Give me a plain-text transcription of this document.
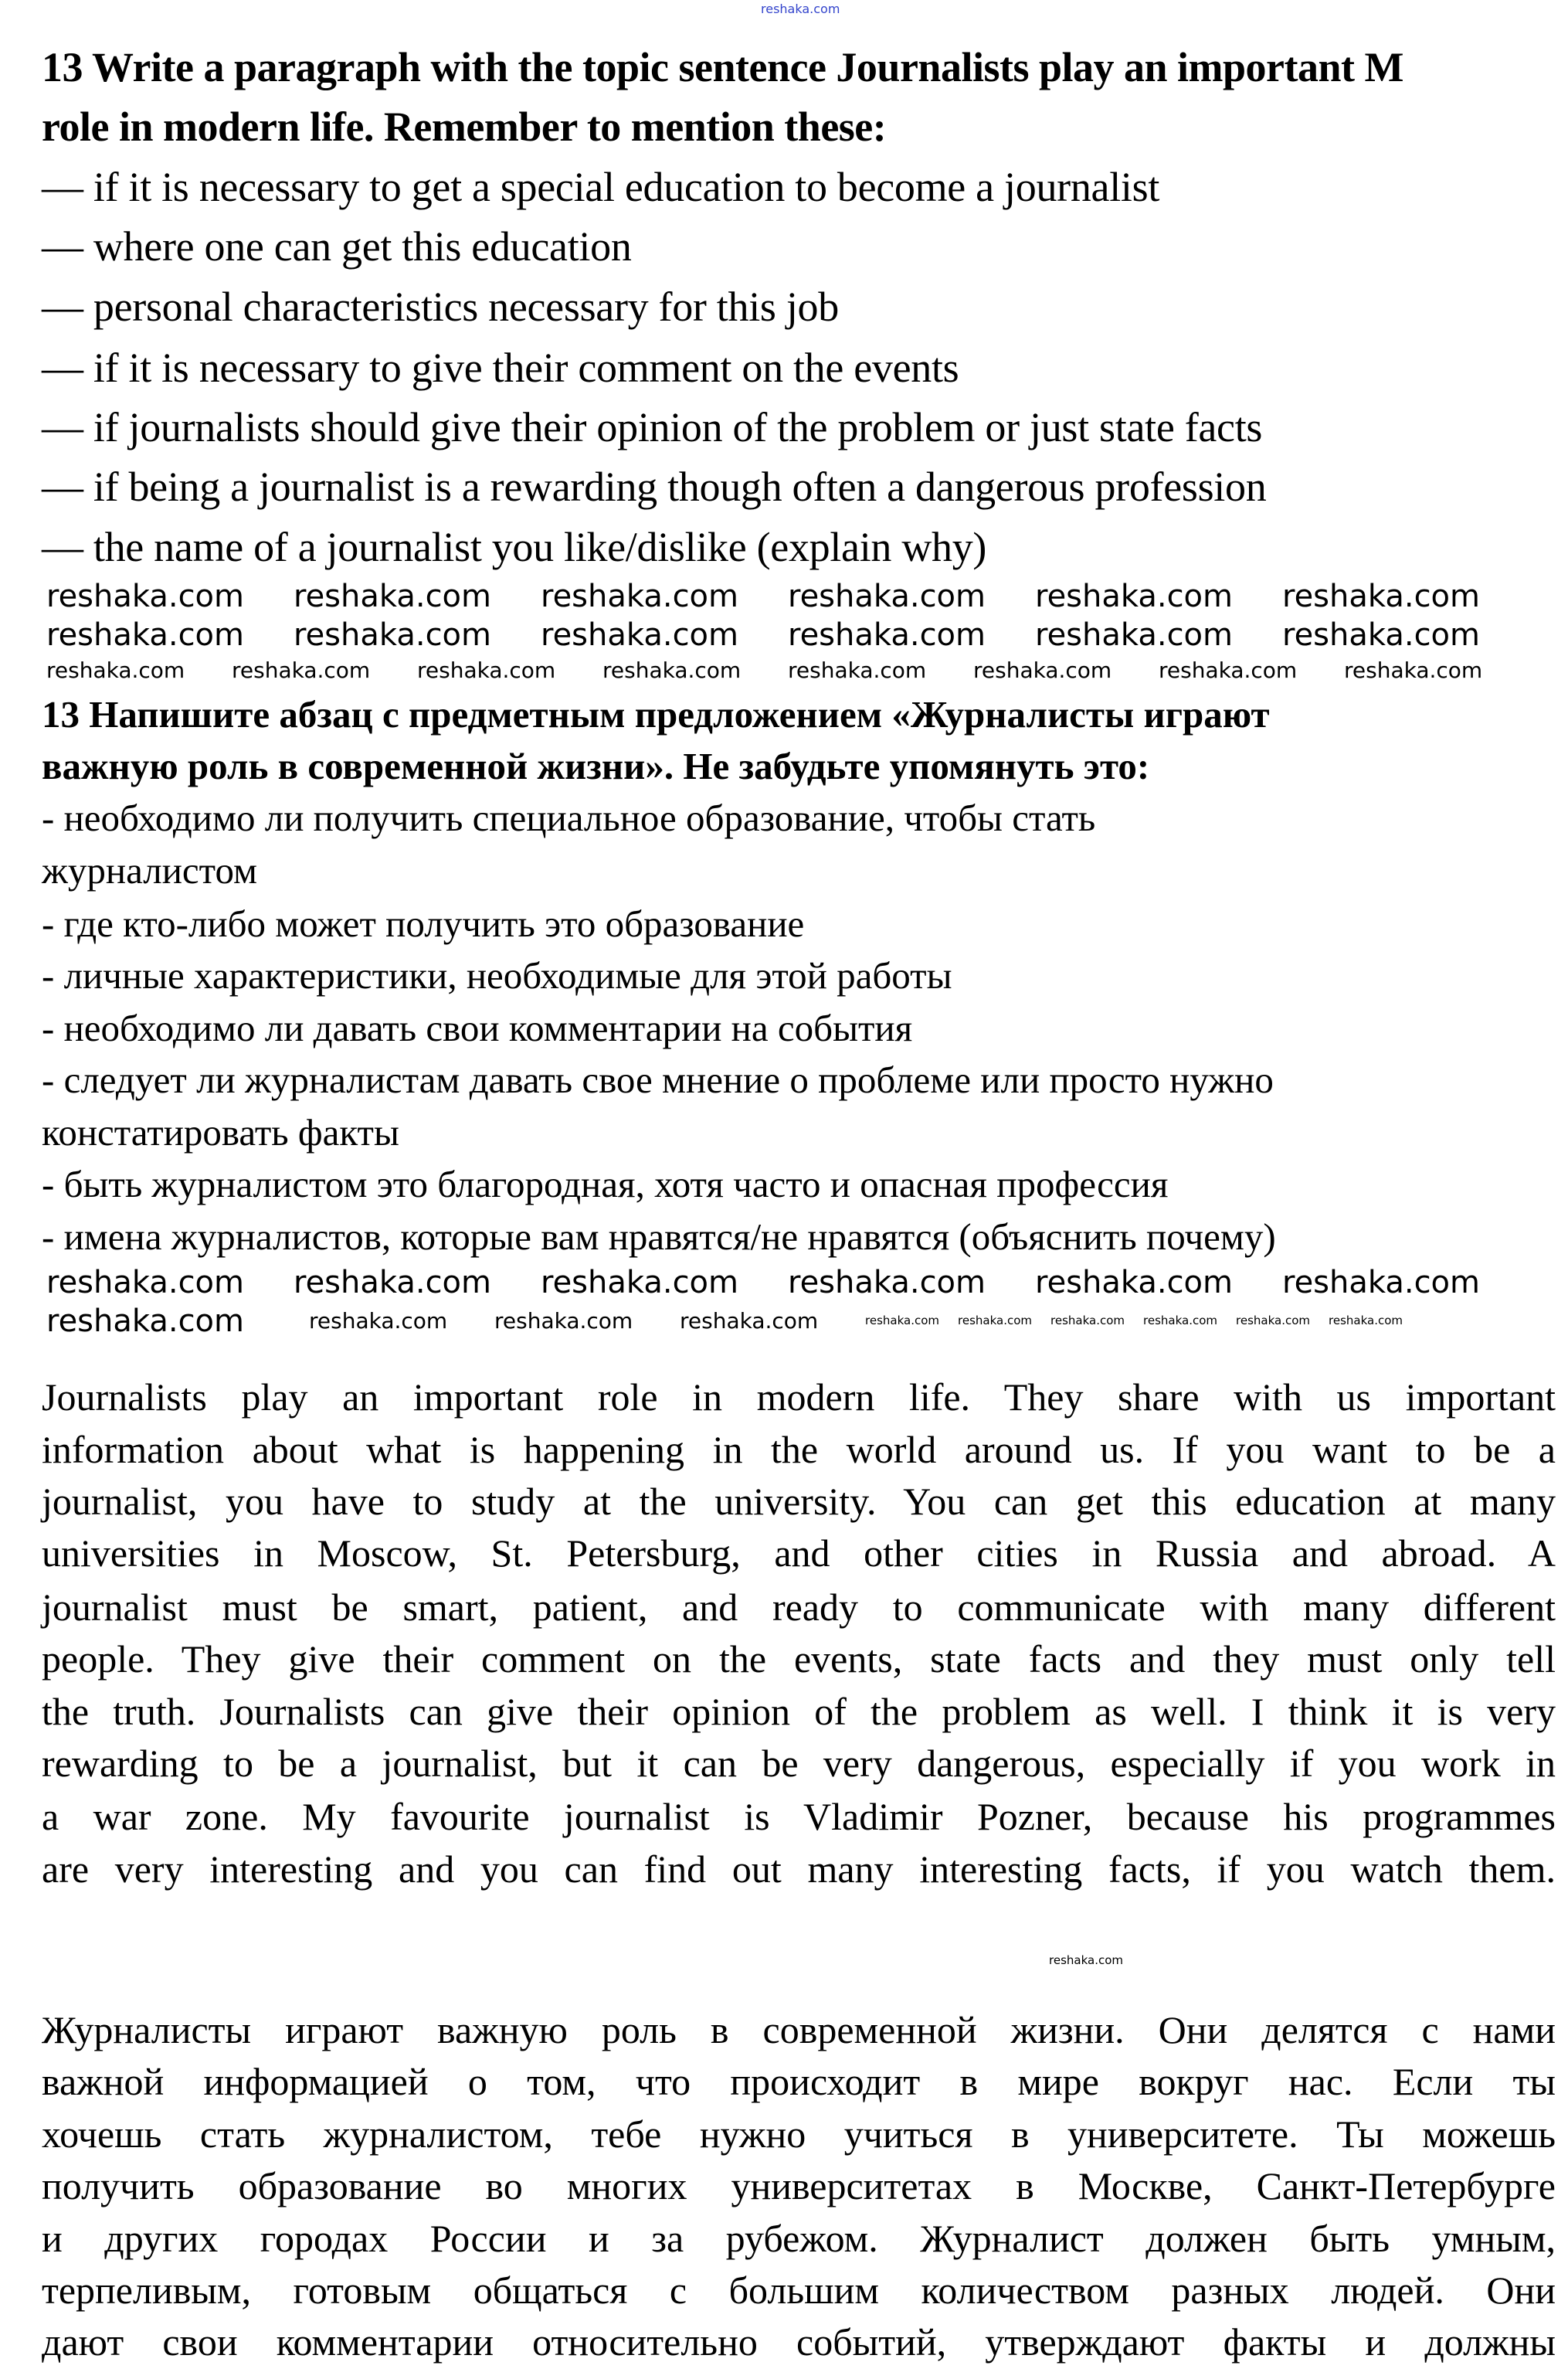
reshaka.com
13 Write a paragraph with the topic sentence Journalists play an important M
role in modern life. Remember to mention these:
— if it is necessary to get a special education to become a journalist
— where one can get this education
— personal characteristics necessary for this job
— if it is necessary to give their comment on the events
— if journalists should give their opinion of the problem or just state facts
— if being a journalist is a rewarding though often a dangerous profession
— the name of a journalist you like/dislike (explain why)
13 Напишите абзац с предметным предложением «Журналисты играют
важную роль в современной жизни». Не забудьте упомянуть это:
- необходимо ли получить специальное образование, чтобы стать
журналистом
- где кто-либо может получить это образование
- личные характеристики, необходимые для этой работы
- необходимо ли давать свои комментарии на события
- следует ли журналистам давать свое мнение о проблеме или просто нужно
констатировать факты
- быть журналистом это благородная, хотя часто и опасная профессия
- имена журналистов, которые вам нравятся/не нравятся (объяснить почему)
Journalists play an important role in modern life. They share with us important
information about what is happening in the world around us. If you want to be a
journalist, you have to study at the university. You can get this education at many
universities in Moscow, St. Petersburg, and other cities in Russia and abroad. A
journalist must be smart, patient, and ready to communicate with many different
people. They give their comment on the events, state facts and they must only tell
the truth. Journalists can give their opinion of the problem as well. I think it is very
rewarding to be a journalist, but it can be very dangerous, especially if you work in
a war zone. My favourite journalist is Vladimir Pozner, because his programmes
are very interesting and you can find out many interesting facts, if you watch them.
Журналисты играют важную роль в современной жизни. Они делятся с нами
важной информацией о том, что происходит в мире вокруг нас. Если ты
хочешь стать журналистом, тебе нужно учиться в университете. Ты можешь
получить образование во многих университетах в Москве, Санкт-Петербурге
и других городах России и за рубежом. Журналист должен быть умным,
терпеливым, готовым общаться с большим количеством разных людей. Они
дают свои комментарии относительно событий, утверждают факты и должны
reshaka.com reshaka.com reshaka.com reshaka.com reshaka.com reshaka.com
reshaka.com reshaka.com reshaka.com reshaka.com reshaka.com reshaka.com
reshaka.com reshaka.com reshaka.com reshaka.com reshaka.com reshaka.com reshaka.com reshaka.com
reshaka.com reshaka.com reshaka.com reshaka.com reshaka.com reshaka.com
reshaka.com	reshaka.com reshaka.com reshaka.com	reshaka.com reshaka.com reshaka.com reshaka.com reshaka.com reshaka.com
reshaka.com
